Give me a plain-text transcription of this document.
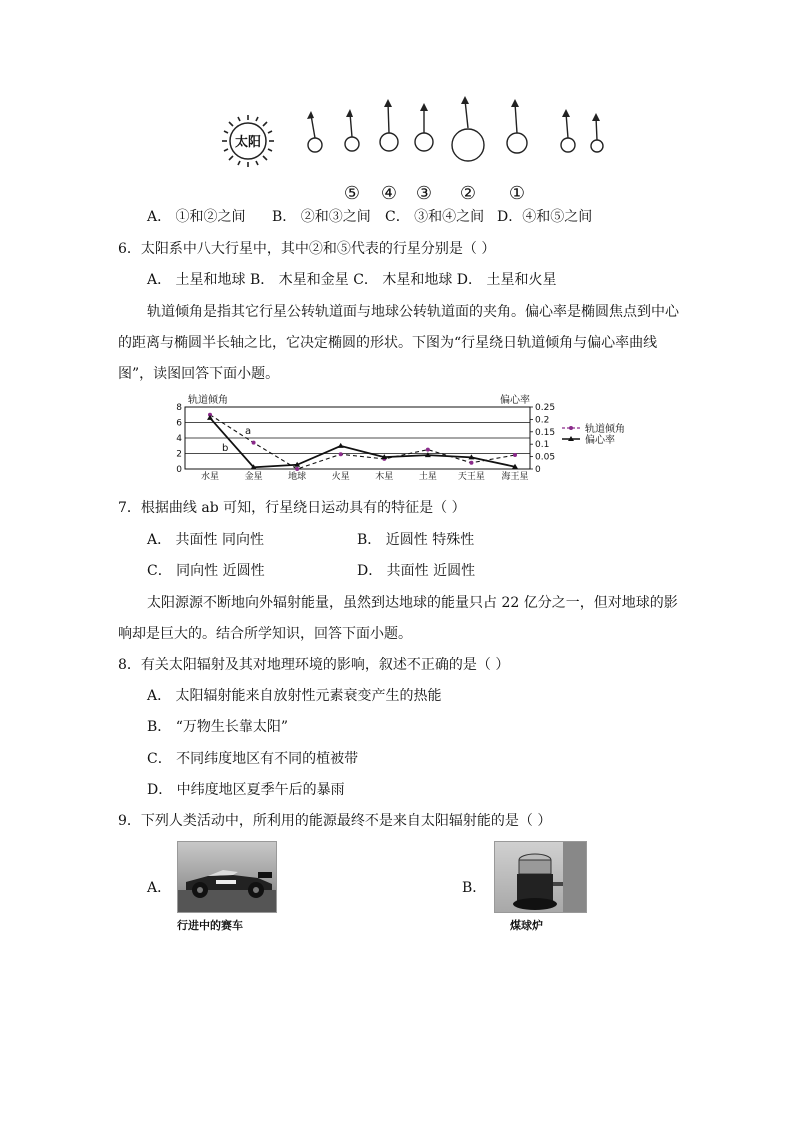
太阳
⑤ ④ ③ ② ①
A． ①和②之间 B． ②和③之间 C． ③和④之间 D．④和⑤之间
6．太阳系中八大行星中，其中②和⑤代表的行星分别是（ ）
A． 土星和地球 B． 木星和金星 C． 木星和地球 D． 土星和火星
轨道倾角是指其它行星公转轨道面与地球公转轨道面的夹角。偏心率是椭圆焦点到中心
的距离与椭圆半长轴之比，它决定椭圆的形状。下图为“行星绕日轨道倾角与偏心率曲线
图”，读图回答下面小题。
轨道倾角	偏心率
0
2
4
6
8
0
0.05
0.1
0.15
0.2
0.25
水星	金星	地球	火星	木星	土星 天王星 海王星
a
b
轨道倾角
偏心率
7．根据曲线 ab 可知，行星绕日运动具有的特征是（ ）
A． 共面性 同向性	B． 近圆性 特殊性
C． 同向性 近圆性	D． 共面性 近圆性
太阳源源不断地向外辐射能量，虽然到达地球的能量只占 22 亿分之一，但对地球的影
响却是巨大的。结合所学知识，回答下面小题。
8．有关太阳辐射及其对地理环境的影响，叙述不正确的是（ ）
A． 太阳辐射能来自放射性元素衰变产生的热能
B． “万物生长靠太阳”
C． 不同纬度地区有不同的植被带
D． 中纬度地区夏季午后的暴雨
9．下列人类活动中，所利用的能源最终不是来自太阳辐射能的是（ ）
A．	B．
行进中的赛车	煤球炉
